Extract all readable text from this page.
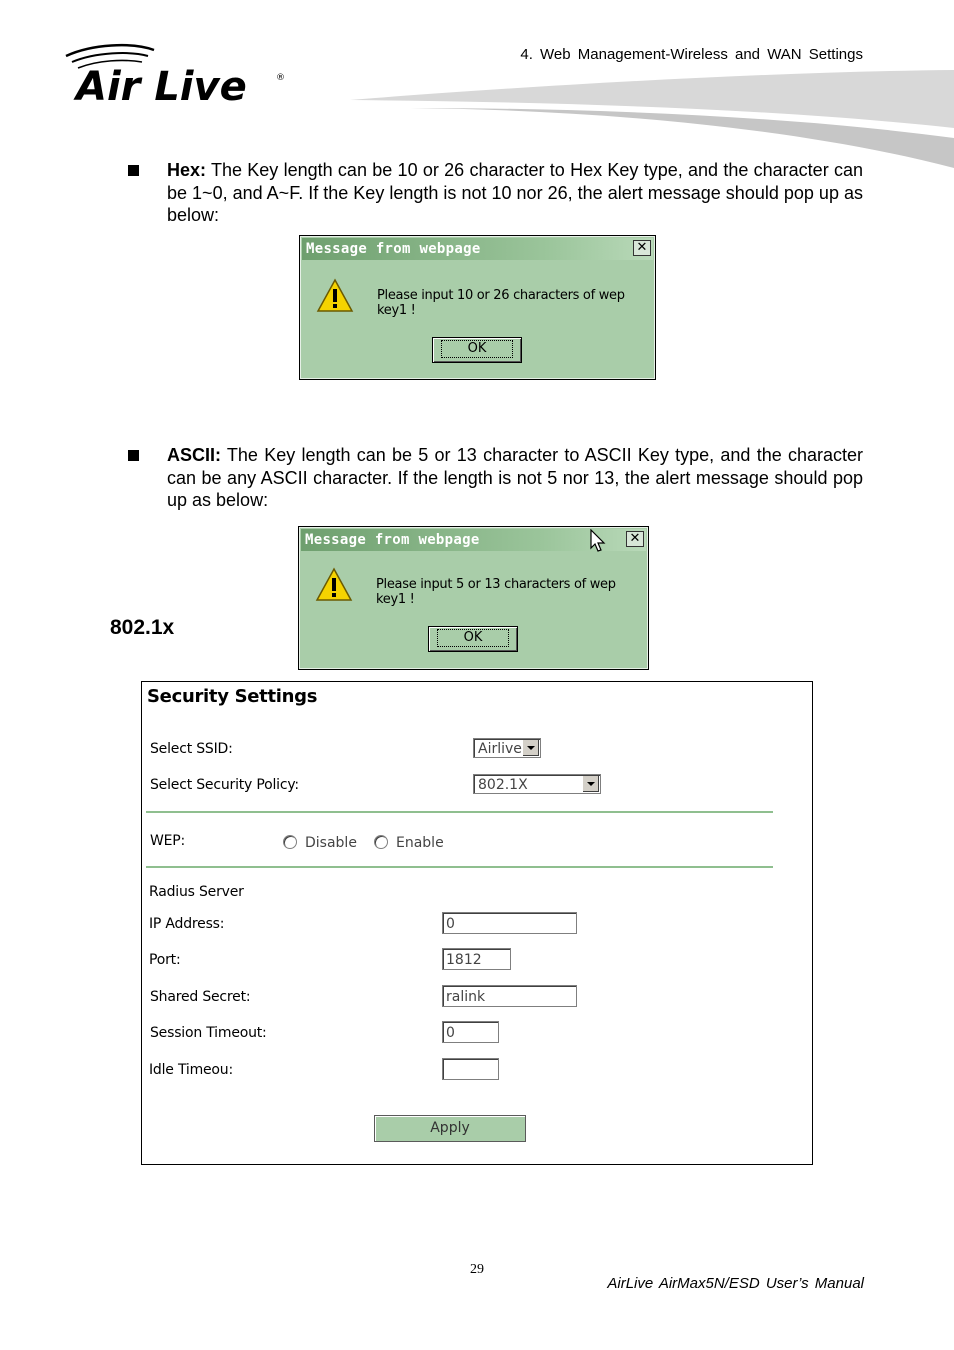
4. Web Management-Wireless and WAN Settings
Air Live	®
Hex: The Key length can be 10 or 26 character to Hex Key type, and the character can be 1~0, and A~F. If the Key length is not 10 nor 26, the alert message should pop up as below:
Message from webpage	✕
Please input 10 or 26 characters of wep key1 !
OK
ASCII: The Key length can be 5 or 13 character to ASCII Key type, and the character can be any ASCII character. If the length is not 5 nor 13, the alert message should pop up as below:
Message from webpage	✕
Please input 5 or 13 characters of wep key1 !
OK
802.1x
Security Settings
Select SSID:	Airlive
Select Security Policy:	802.1X
WEP:	Disable	Enable
Radius Server
IP Address:	0
Port:	1812
Shared Secret:	ralink
Session Timeout:	0
Idle Timeou:
Apply
29
AirLive AirMax5N/ESD User’s Manual
